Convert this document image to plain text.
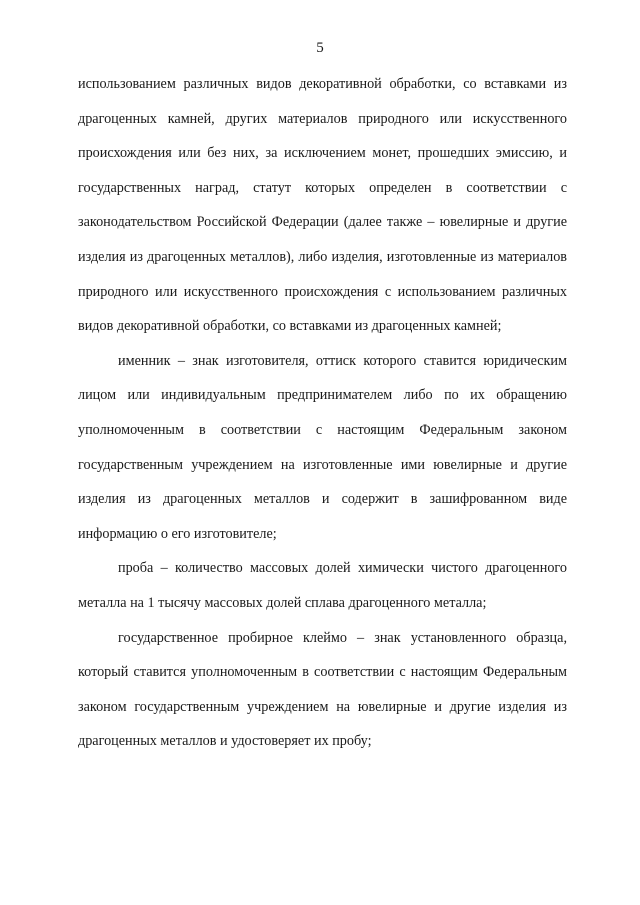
5

использованием различных видов декоративной обработки, со вставками из драгоценных камней, других материалов природного или искусственного происхождения или без них, за исключением монет, прошедших эмиссию, и государственных наград, статут которых определен в соответствии с законодательством Российской Федерации (далее также – ювелирные и другие изделия из драгоценных металлов), либо изделия, изготовленные из материалов природного или искусственного происхождения с использованием различных видов декоративной обработки, со вставками из драгоценных камней;

именник – знак изготовителя, оттиск которого ставится юридическим лицом или индивидуальным предпринимателем либо по их обращению уполномоченным в соответствии с настоящим Федеральным законом государственным учреждением на изготовленные ими ювелирные и другие изделия из драгоценных металлов и содержит в зашифрованном виде информацию о его изготовителе;

проба – количество массовых долей химически чистого драгоценного металла на 1 тысячу массовых долей сплава драгоценного металла;

государственное пробирное клеймо – знак установленного образца, который ставится уполномоченным в соответствии с настоящим Федеральным законом государственным учреждением на ювелирные и другие изделия из драгоценных металлов и удостоверяет их пробу;
